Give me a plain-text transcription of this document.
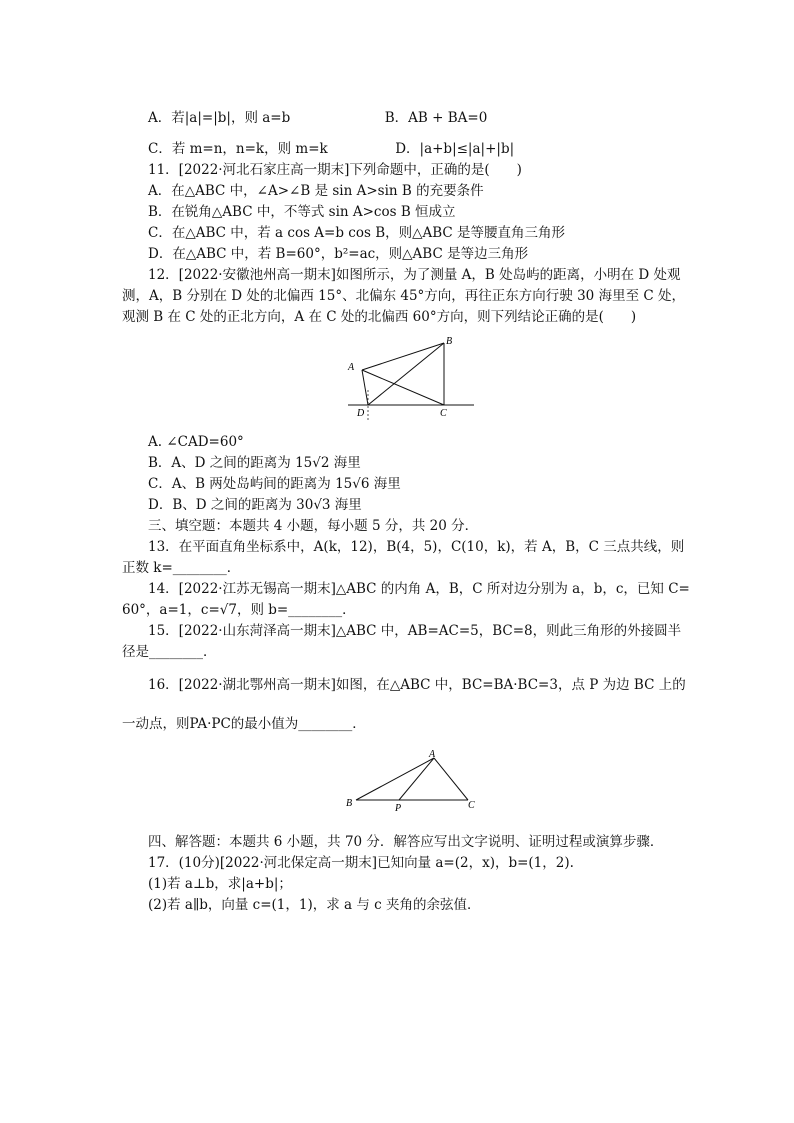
A．若|a|=|b|，则 a=b　　　　　　　B．AB + BA=0
C．若 m=n，n=k，则 m=k　　　　　D．|a+b|≤|a|+|b|
11．[2022·河北石家庄高一期末]下列命题中，正确的是(　　)
A．在△ABC 中，∠A>∠B 是 sin A>sin B 的充要条件
B．在锐角△ABC 中，不等式 sin A>cos B 恒成立
C．在△ABC 中，若 a cos A=b cos B，则△ABC 是等腰直角三角形
D．在△ABC 中，若 B=60°，b²=ac，则△ABC 是等边三角形
12．[2022·安徽池州高一期末]如图所示，为了测量 A，B 处岛屿的距离，小明在 D 处观
测，A，B 分别在 D 处的北偏西 15°、北偏东 45°方向，再往正东方向行驶 30 海里至 C 处，
观测 B 在 C 处的正北方向，A 在 C 处的北偏西 60°方向，则下列结论正确的是(　　)
A. ∠CAD=60°
B．A、D 之间的距离为 15√2 海里
C．A、B 两处岛屿间的距离为 15√6 海里
D．B、D 之间的距离为 30√3 海里
三、填空题：本题共 4 小题，每小题 5 分，共 20 分．
13．在平面直角坐标系中，A(k，12)，B(4，5)，C(10，k)，若 A，B，C 三点共线，则
正数 k=________．
14．[2022·江苏无锡高一期末]△ABC 的内角 A，B，C 所对边分别为 a，b，c，已知 C=
60°，a=1，c=√7，则 b=________．
15．[2022·山东菏泽高一期末]△ABC 中，AB=AC=5，BC=8，则此三角形的外接圆半
径是________．
16．[2022·湖北鄂州高一期末]如图，在△ABC 中，BC=BA·BC=3，点 P 为边 BC 上的
一动点，则PA·PC的最小值为________．
四、解答题：本题共 6 小题，共 70 分．解答应写出文字说明、证明过程或演算步骤．
17．(10分)[2022·河北保定高一期末]已知向量 a=(2，x)，b=(1，2).
(1)若 a⊥b，求|a+b|；
(2)若 a∥b，向量 c=(1，1)，求 a 与 c 夹角的余弦值．
A
B
C
D
A
B	C
P
